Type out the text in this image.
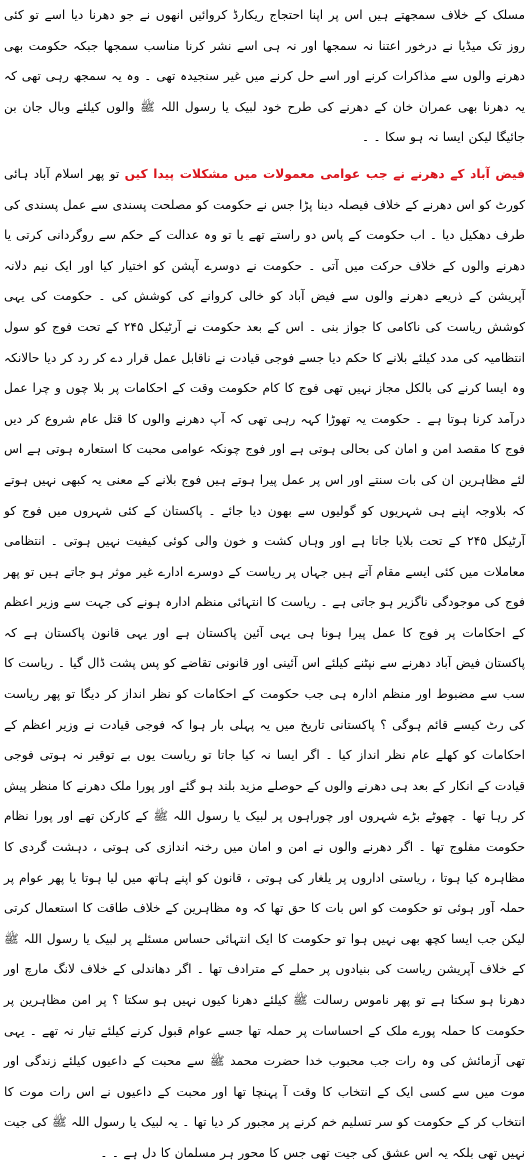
مسلک کے خلاف سمجھتے ہیں اس پر اپنا احتجاج ریکارڈ کروائیں انھوں نے جو دھرنا دیا اسے تو کئی روز تک میڈیا نے درخور اعتنا نہ سمجھا اور نہ ہی اسے نشر کرنا مناسب سمجھا جبکہ حکومت بھی دھرنے والوں سے مذاکرات کرنے اور اسے حل کرنے میں غیر سنجیدہ تھی ۔ وہ یہ سمجھ رہی تھی کہ یہ دھرنا بھی عمران خان کے دھرنے کی طرح خود لبیک یا رسول اللہ ﷺ والوں کیلئے وبال جان بن جائیگا لیکن ایسا نہ ہو سکا ۔ ۔

فیض آباد کے دھرنے نے جب عوامی معمولات میں مشکلات پیدا کیں تو پھر اسلام آباد ہائی کورٹ کو اس دھرنے کے خلاف فیصلہ دینا پڑا جس نے حکومت کو مصلحت پسندی سے عمل پسندی کی طرف دھکیل دیا ۔ اب حکومت کے پاس دو راستے تھے یا تو وہ عدالت کے حکم سے روگردانی کرتی یا دھرنے والوں کے خلاف حرکت میں آتی ۔ حکومت نے دوسرے آپشن کو اختیار کیا اور ایک نیم دلانہ آپریشن کے ذریعے دھرنے والوں سے فیض آباد کو خالی کروانے کی کوشش کی ۔ حکومت کی یہی کوشش ریاست کی ناکامی کا جواز بنی ۔ اس کے بعد حکومت نے آرٹیکل ۲۴۵ کے تحت فوج کو سول انتظامیہ کی مدد کیلئے بلانے کا حکم دیا جسے فوجی قیادت نے ناقابل عمل قرار دے کر رد کر دیا حالانکہ وہ ایسا کرنے کی بالکل مجاز نہیں تھی فوج کا کام حکومت وقت کے احکامات پر بلا چوں و چرا عمل درآمد کرنا ہوتا ہے ۔ حکومت یہ تھوڑا کہہ رہی تھی کہ آپ دھرنے والوں کا قتل عام شروع کر دیں فوج کا مقصد امن و امان کی بحالی ہوتی ہے اور فوج چونکہ عوامی محبت کا استعارہ ہوتی ہے اس لئے مظاہرین ان کی بات سنتے اور اس پر عمل پیرا ہوتے ہیں فوج بلانے کے معنی یہ کبھی نہیں ہوتے کہ بلاوجہ اپنے ہی شہریوں کو گولیوں سے بھون دیا جائے ۔ پاکستان کے کئی شہروں میں فوج کو آرٹیکل ۲۴۵ کے تحت بلایا جاتا ہے اور وہاں کشت و خون والی کوئی کیفیت نہیں ہوتی ۔ انتظامی معاملات میں کئی ایسے مقام آتے ہیں جہاں پر ریاست کے دوسرے ادارے غیر موثر ہو جاتے ہیں تو پھر فوج کی موجودگی ناگزیر ہو جاتی ہے ۔ ریاست کا انتہائی منظم ادارہ ہونے کی جہت سے وزیر اعظم کے احکامات پر فوج کا عمل پیرا ہونا ہی یہی آئین پاکستان ہے اور یہی قانون پاکستان ہے کہ پاکستان فیض آباد دھرنے سے نپٹنے کیلئے اس آئینی اور قانونی تقاضے کو پس پشت ڈال گیا ۔ ریاست کا سب سے مضبوط اور منظم ادارہ ہی جب حکومت کے احکامات کو نظر انداز کر دیگا تو پھر ریاست کی رٹ کیسے قائم ہوگی ؟ پاکستانی تاریخ میں یہ پہلی بار ہوا کہ فوجی قیادت نے وزیر اعظم کے احکامات کو کھلے عام نظر انداز کیا ۔ اگر ایسا نہ کیا جاتا تو ریاست یوں بے توقیر نہ ہوتی فوجی قیادت کے انکار کے بعد ہی دھرنے والوں کے حوصلے مزید بلند ہو گئے اور پورا ملک دھرنے کا منظر پیش کر رہا تھا ۔ چھوٹے بڑے شہروں اور چوراہوں پر لبیک یا رسول اللہ ﷺ کے کارکن تھے اور پورا نظام حکومت مفلوج تھا ۔ اگر دھرنے والوں نے امن و امان میں رخنہ اندازی کی ہوتی ، دہشت گردی کا مظاہرہ کیا ہوتا ، ریاستی اداروں پر یلغار کی ہوتی ، قانون کو اپنے ہاتھ میں لیا ہوتا یا پھر عوام پر حملہ آور ہوئی تو حکومت کو اس بات کا حق تھا کہ وہ مظاہرین کے خلاف طاقت کا استعمال کرتی لیکن جب ایسا کچھ بھی نہیں ہوا تو حکومت کا ایک انتہائی حساس مسئلے پر لبیک یا رسول اللہ ﷺ کے خلاف آپریشن ریاست کی بنیادوں پر حملے کے مترادف تھا ۔ اگر دھاندلی کے خلاف لانگ مارچ اور دھرنا ہو سکتا ہے تو پھر ناموس رسالت ﷺ کیلئے دھرنا کیوں نہیں ہو سکتا ؟ پر امن مظاہرین پر حکومت کا حملہ پورے ملک کے احساسات پر حملہ تھا جسے عوام قبول کرنے کیلئے تیار نہ تھے ۔ یہی تھی آزمائش کی وہ رات جب محبوب خدا حضرت محمد ﷺ سے محبت کے داعیوں کیلئے زندگی اور موت میں سے کسی ایک کے انتخاب کا وقت آ پہنچا تھا اور محبت کے داعیوں نے اس رات موت کا انتخاب کر کے حکومت کو سر تسلیم خم کرنے پر مجبور کر دیا تھا ۔ یہ لبیک یا رسول اللہ ﷺ کی جیت نہیں تھی بلکہ یہ اس عشق کی جیت تھی جس کا محور ہر مسلمان کا دل ہے ۔ ۔
